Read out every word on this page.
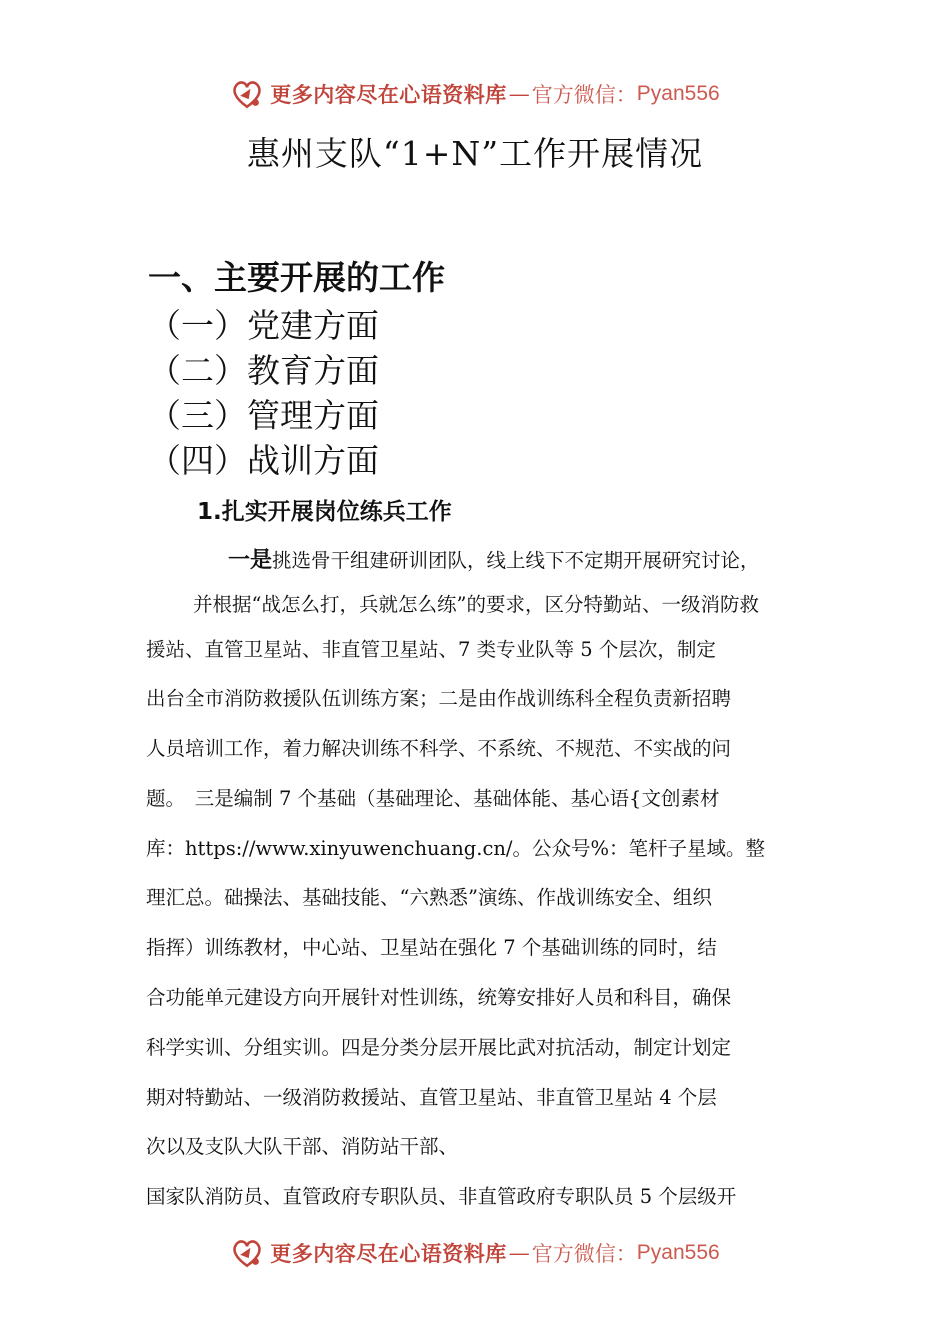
更多内容尽在心语资料库 — 官方微信： Pyan556
惠州支队“1+N”工作开展情况
一、主要开展的工作
（一）党建方面
（二）教育方面
（三）管理方面
（四）战训方面
1.扎实开展岗位练兵工作
一是挑选骨干组建研训团队，线上线下不定期开展研究讨论，
并根据“战怎么打，兵就怎么练”的要求，区分特勤站、一级消防救
援站、直管卫星站、非直管卫星站、7 类专业队等 5 个层次，制定
出台全市消防救援队伍训练方案；二是由作战训练科全程负责新招聘
人员培训工作，着力解决训练不科学、不系统、不规范、不实战的问
题。　三是编制 7 个基础（基础理论、基础体能、基心语{文创素材
库：https://www.xinyuwenchuang.cn/。公众号%：笔杆子星域。整
理汇总。础操法、基础技能、“六熟悉”演练、作战训练安全、组织
指挥）训练教材，中心站、卫星站在强化 7 个基础训练的同时，结
合功能单元建设方向开展针对性训练，统筹安排好人员和科目，确保
科学实训、分组实训。四是分类分层开展比武对抗活动，制定计划定
期对特勤站、一级消防救援站、直管卫星站、非直管卫星站 4 个层
次以及支队大队干部、消防站干部、
国家队消防员、直管政府专职队员、非直管政府专职队员 5 个层级开
更多内容尽在心语资料库 — 官方微信： Pyan556
